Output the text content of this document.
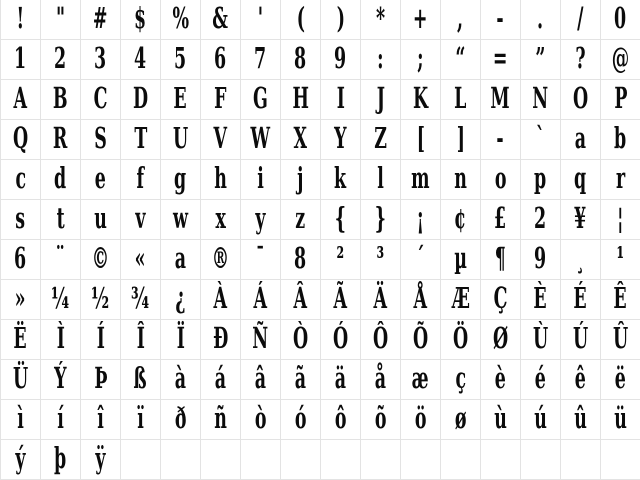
! " # $ % & ' ( ) * + , - . / 0
1 2 3 4 5 6 7 8 9 : ; “ = ” ? @
A B C D E F G H I J K L M N O P
Q R S T U V W X Y Z [ ] - ` a b
c d e f g h i j k l m n o p q r
s t u v w x y z { } ¡ ¢ £ 2 ¥ ¦
6 ¨ © « a ® ¯ 8 ² ³ ´ µ ¶ 9 ¸ ¹
» ¼ ½ ¾ ¿ À Á Â Ã Ä Å Æ Ç È É Ê
Ë Ì Í Î Ï Ð Ñ Ò Ó Ô Õ Ö Ø Ù Ú Û
Ü Ý Þ ß à á â ã ä å æ ç è é ê ë
ì í î ï ð ñ ò ó ô õ ö ø ù ú û ü
ý þ ÿ
